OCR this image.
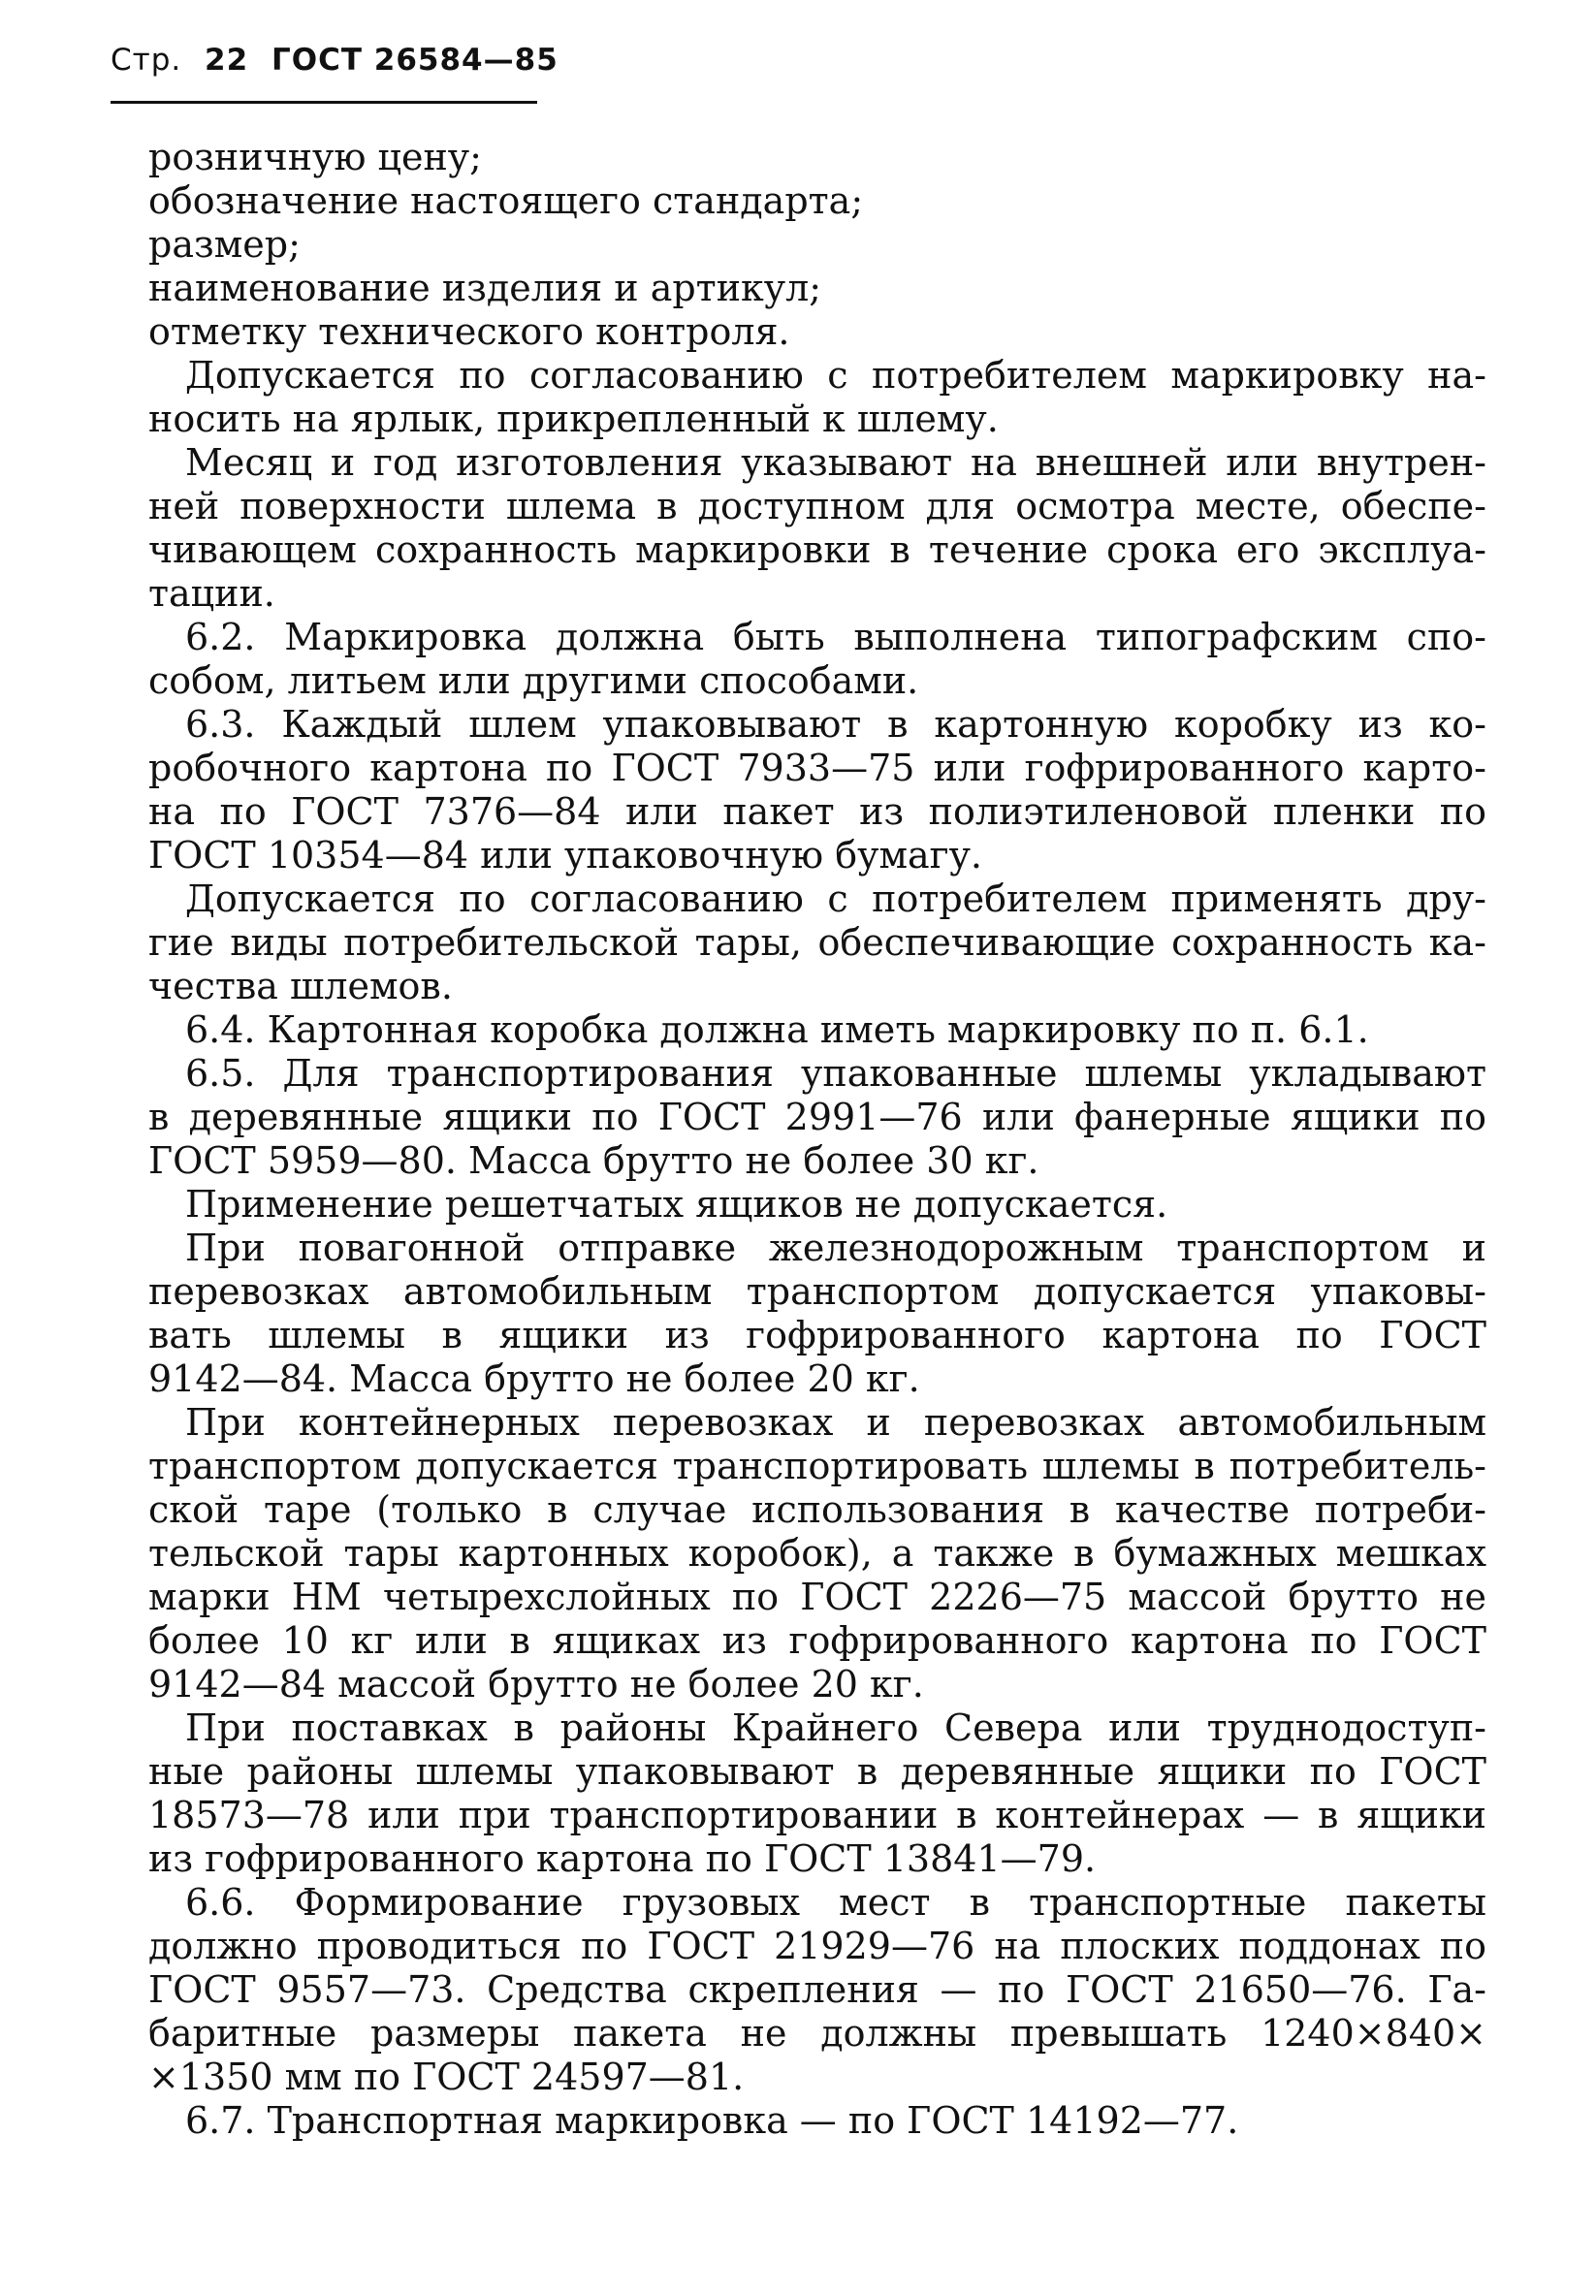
Стр. 22 ГОСТ 26584—85
розничную цену;
обозначение настоящего стандарта;
размер;
наименование изделия и артикул;
отметку технического контроля.
Допускается по согласованию с потребителем маркировку на-
носить на ярлык, прикрепленный к шлему.
Месяц и год изготовления указывают на внешней или внутрен-
ней поверхности шлема в доступном для осмотра месте, обеспе-
чивающем сохранность маркировки в течение срока его эксплуа-
тации.
6.2. Маркировка должна быть выполнена типографским спо-
собом, литьем или другими способами.
6.3. Каждый шлем упаковывают в картонную коробку из ко-
робочного картона по ГОСТ 7933—75 или гофрированного карто-
на по ГОСТ 7376—84 или пакет из полиэтиленовой пленки по
ГОСТ 10354—84 или упаковочную бумагу.
Допускается по согласованию с потребителем применять дру-
гие виды потребительской тары, обеспечивающие сохранность ка-
чества шлемов.
6.4. Картонная коробка должна иметь маркировку по п. 6.1.
6.5. Для транспортирования упакованные шлемы укладывают
в деревянные ящики по ГОСТ 2991—76 или фанерные ящики по
ГОСТ 5959—80. Масса брутто не более 30 кг.
Применение решетчатых ящиков не допускается.
При повагонной отправке железнодорожным транспортом и
перевозках автомобильным транспортом допускается упаковы-
вать шлемы в ящики из гофрированного картона по ГОСТ
9142—84. Масса брутто не более 20 кг.
При контейнерных перевозках и перевозках автомобильным
транспортом допускается транспортировать шлемы в потребитель-
ской таре (только в случае использования в качестве потреби-
тельской тары картонных коробок), а также в бумажных мешках
марки НМ четырехслойных по ГОСТ 2226—75 массой брутто не
более 10 кг или в ящиках из гофрированного картона по ГОСТ
9142—84 массой брутто не более 20 кг.
При поставках в районы Крайнего Севера или труднодоступ-
ные районы шлемы упаковывают в деревянные ящики по ГОСТ
18573—78 или при транспортировании в контейнерах — в ящики
из гофрированного картона по ГОСТ 13841—79.
6.6. Формирование грузовых мест в транспортные пакеты
должно проводиться по ГОСТ 21929—76 на плоских поддонах по
ГОСТ 9557—73. Средства скрепления — по ГОСТ 21650—76. Га-
баритные размеры пакета не должны превышать 1240×840×
×1350 мм по ГОСТ 24597—81.
6.7. Транспортная маркировка — по ГОСТ 14192—77.
